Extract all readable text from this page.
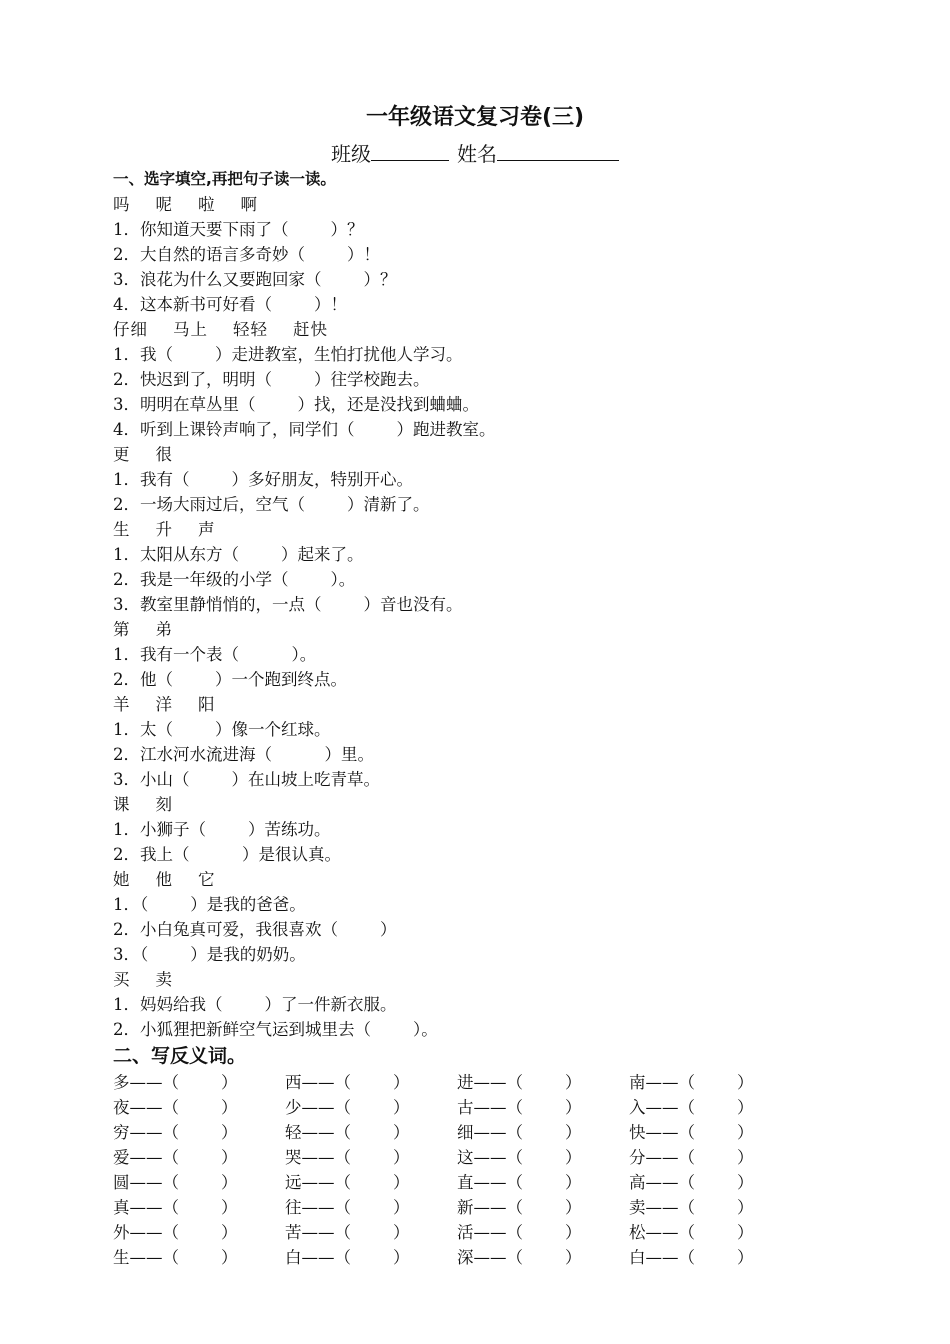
一年级语文复习卷(三)
班级	姓名
一、选字填空,再把句子读一读。
吗    呢    啦    啊
1．你知道天要下雨了（        ）？
2．大自然的语言多奇妙（        ）！
3．浪花为什么又要跑回家（        ）？
4．这本新书可好看（        ）！
仔细    马上    轻轻    赶快
1．我（        ）走进教室，生怕打扰他人学习。
2．快迟到了，明明（        ）往学校跑去。
3．明明在草丛里（        ）找，还是没找到蛐蛐。
4．听到上课铃声响了，同学们（        ）跑进教室。
更    很
1．我有（        ）多好朋友，特别开心。
2．一场大雨过后，空气（        ）清新了。
生    升    声
1．太阳从东方（        ）起来了。
2．我是一年级的小学（        ）。
3．教室里静悄悄的，一点（        ）音也没有。
第    弟
1．我有一个表（          ）。
2．他（        ）一个跑到终点。
羊    洋    阳
1．太（        ）像一个红球。
2．江水河水流进海（          ）里。
3．小山（        ）在山坡上吃青草。
课    刻
1．小狮子（        ）苦练功。
2．我上（          ）是很认真。
她    他    它
1．（        ）是我的爸爸。
2．小白兔真可爱，我很喜欢（        ）
3．（        ）是我的奶奶。
买    卖
1．妈妈给我（        ）了一件新衣服。
2．小狐狸把新鲜空气运到城里去（        ）。
二、写反义词。
多——（        ）	西——（        ）	进——（        ）	南——（        ）
夜——（        ）	少——（        ）	古——（        ）	入——（        ）
穷——（        ）	轻——（        ）	细——（        ）	快——（        ）
爱——（        ）	哭——（        ）	这——（        ）	分——（        ）
圆——（        ）	远——（        ）	直——（        ）	高——（        ）
真——（        ）	往——（        ）	新——（        ）	卖——（        ）
外——（        ）	苦——（        ）	活——（        ）	松——（        ）
生——（        ）	白——（        ）	深——（        ）	白——（        ）
